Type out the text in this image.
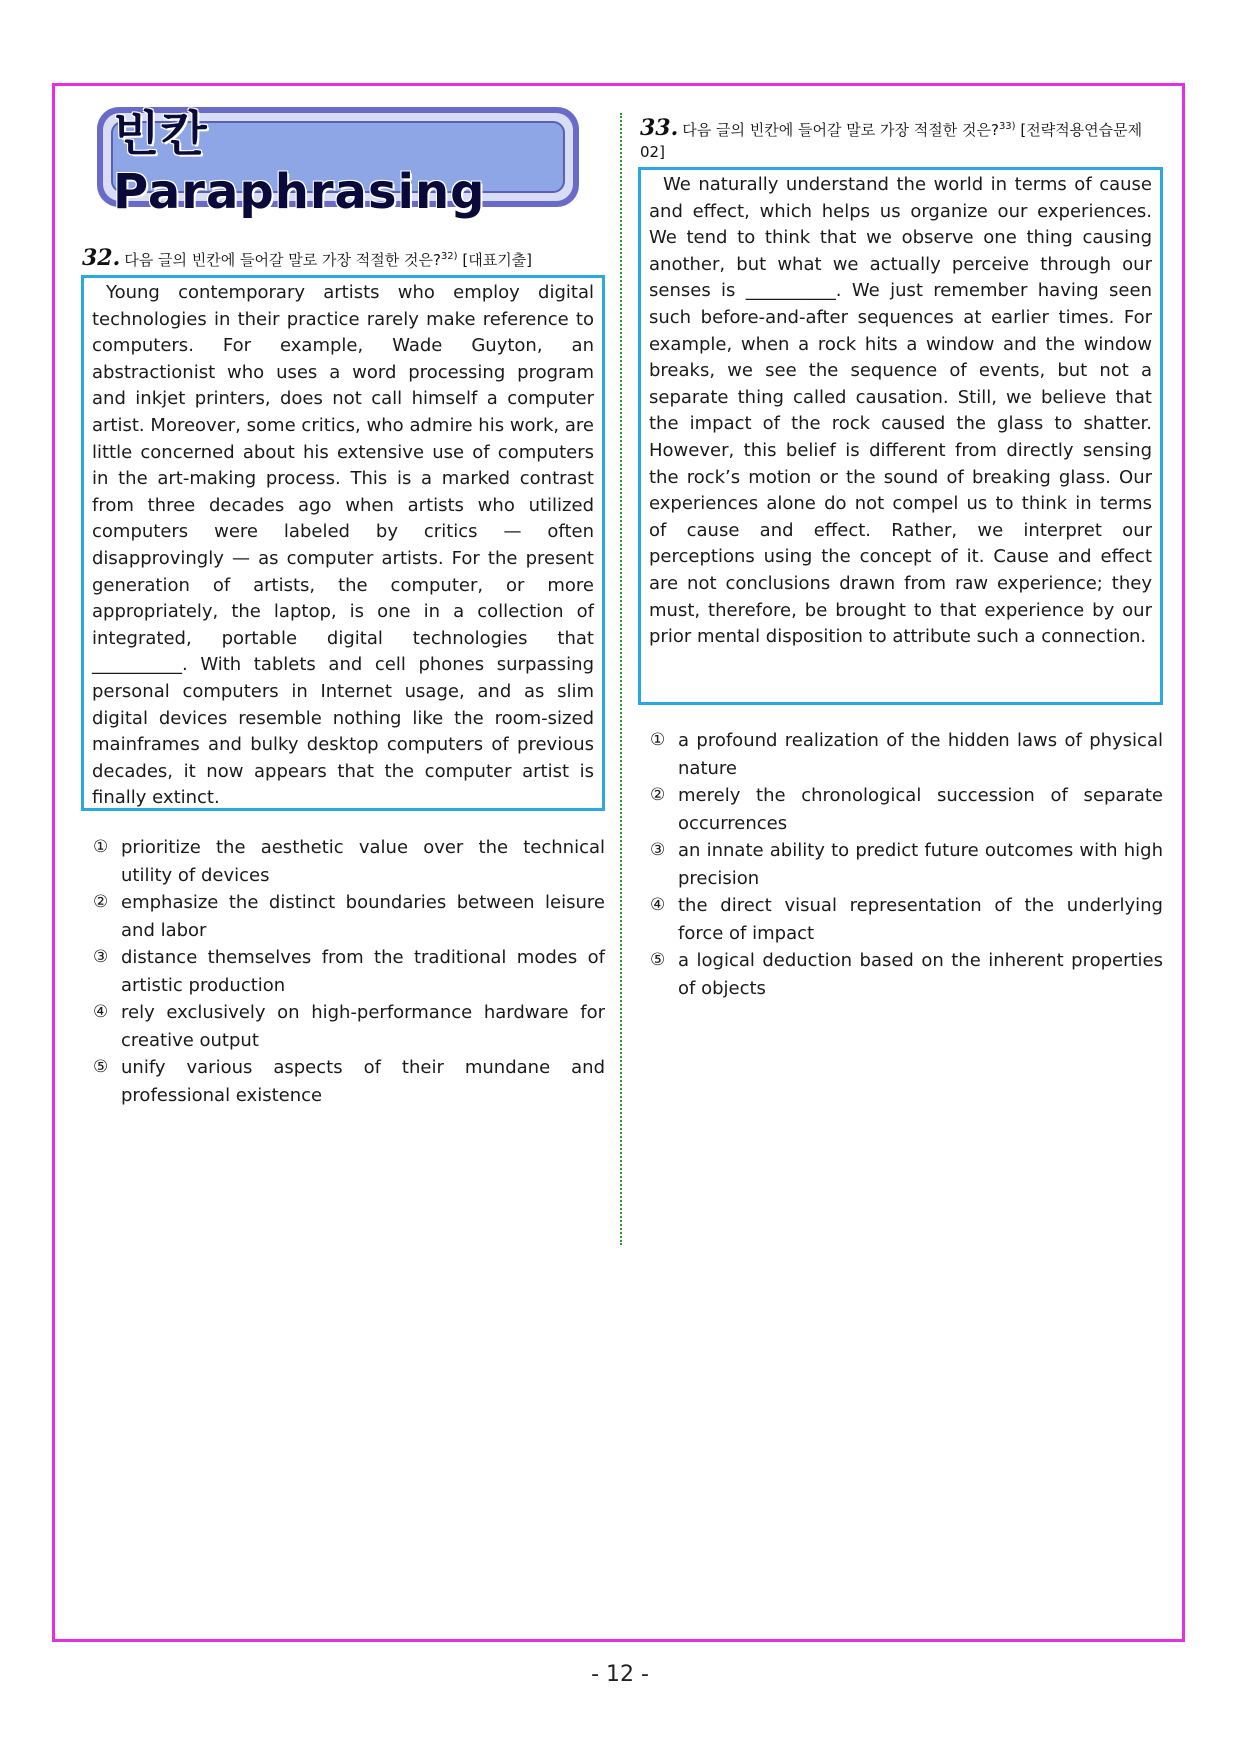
빈칸 Paraphrasing
32. 다음 글의 빈칸에 들어갈 말로 가장 적절한 것은?$^{32)}$ [대표기출]

Young contemporary artists who employ digital technologies in their practice rarely make reference to computers. For example, Wade Guyton, an abstractionist who uses a word processing program and inkjet printers, does not call himself a computer artist. Moreover, some critics, who admire his work, are little concerned about his extensive use of computers in the art-making process. This is a marked contrast from three decades ago when artists who utilized computers were labeled by critics — often disapprovingly — as computer artists. For the present generation of artists, the computer, or more appropriately, the laptop, is one in a collection of integrated, portable digital technologies that __________. With tablets and cell phones surpassing personal computers in Internet usage, and as slim digital devices resemble nothing like the room-sized mainframes and bulky desktop computers of previous decades, it now appears that the computer artist is finally extinct.

① prioritize the aesthetic value over the technical utility of devices
② emphasize the distinct boundaries between leisure and labor
③ distance themselves from the traditional modes of artistic production
④ rely exclusively on high-performance hardware for creative output
⑤ unify various aspects of their mundane and professional existence
33. 다음 글의 빈칸에 들어갈 말로 가장 적절한 것은?$^{33)}$ [전략적용연습문제02]

We naturally understand the world in terms of cause and effect, which helps us organize our experiences. We tend to think that we observe one thing causing another, but what we actually perceive through our senses is __________. We just remember having seen such before-and-after sequences at earlier times. For example, when a rock hits a window and the window breaks, we see the sequence of events, but not a separate thing called causation. Still, we believe that the impact of the rock caused the glass to shatter. However, this belief is different from directly sensing the rock’s motion or the sound of breaking glass. Our experiences alone do not compel us to think in terms of cause and effect. Rather, we interpret our perceptions using the concept of it. Cause and effect are not conclusions drawn from raw experience; they must, therefore, be brought to that experience by our prior mental disposition to attribute such a connection.

① a profound realization of the hidden laws of physical nature
② merely the chronological succession of separate occurrences
③ an innate ability to predict future outcomes with high precision
④ the direct visual representation of the underlying force of impact
⑤ a logical deduction based on the inherent properties of objects
- 12 -
